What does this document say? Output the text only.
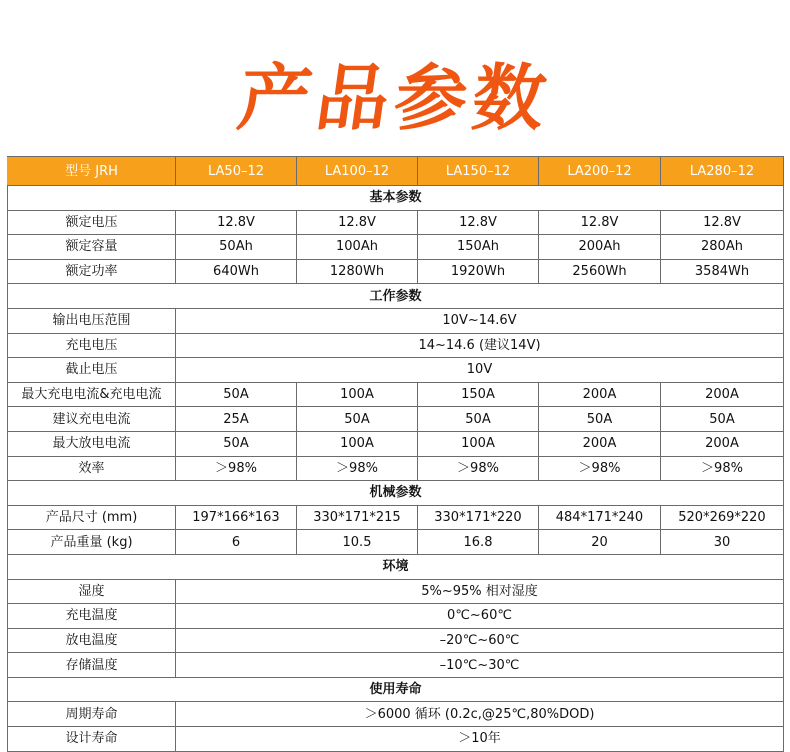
产品参数
型号 JRH	LA50–12	LA100–12	LA150–12	LA200–12	LA280–12
基本参数					
额定电压	12.8V	12.8V	12.8V	12.8V	12.8V
额定容量	50Ah	100Ah	150Ah	200Ah	280Ah
额定功率	640Wh	1280Wh	1920Wh	2560Wh	3584Wh
工作参数					
输出电压范围	10V~14.6V				
充电电压	14~14.6 (建议14V)				
截止电压	10V				
最大充电电流&充电电流	50A	100A	150A	200A	200A
建议充电电流	25A	50A	50A	50A	50A
最大放电电流	50A	100A	100A	200A	200A
效率	＞98%	＞98%	＞98%	＞98%	＞98%
机械参数					
产品尺寸 (mm)	197*166*163	330*171*215	330*171*220	484*171*240	520*269*220
产品重量 (kg)	6	10.5	16.8	20	30
环境					
湿度	5%~95% 相对湿度				
充电温度	0℃~60℃				
放电温度	–20℃~60℃				
存储温度	–10℃~30℃				
使用寿命					
周期寿命	＞6000 循环 (0.2c,@25℃,80%DOD)				
设计寿命	＞10年				
